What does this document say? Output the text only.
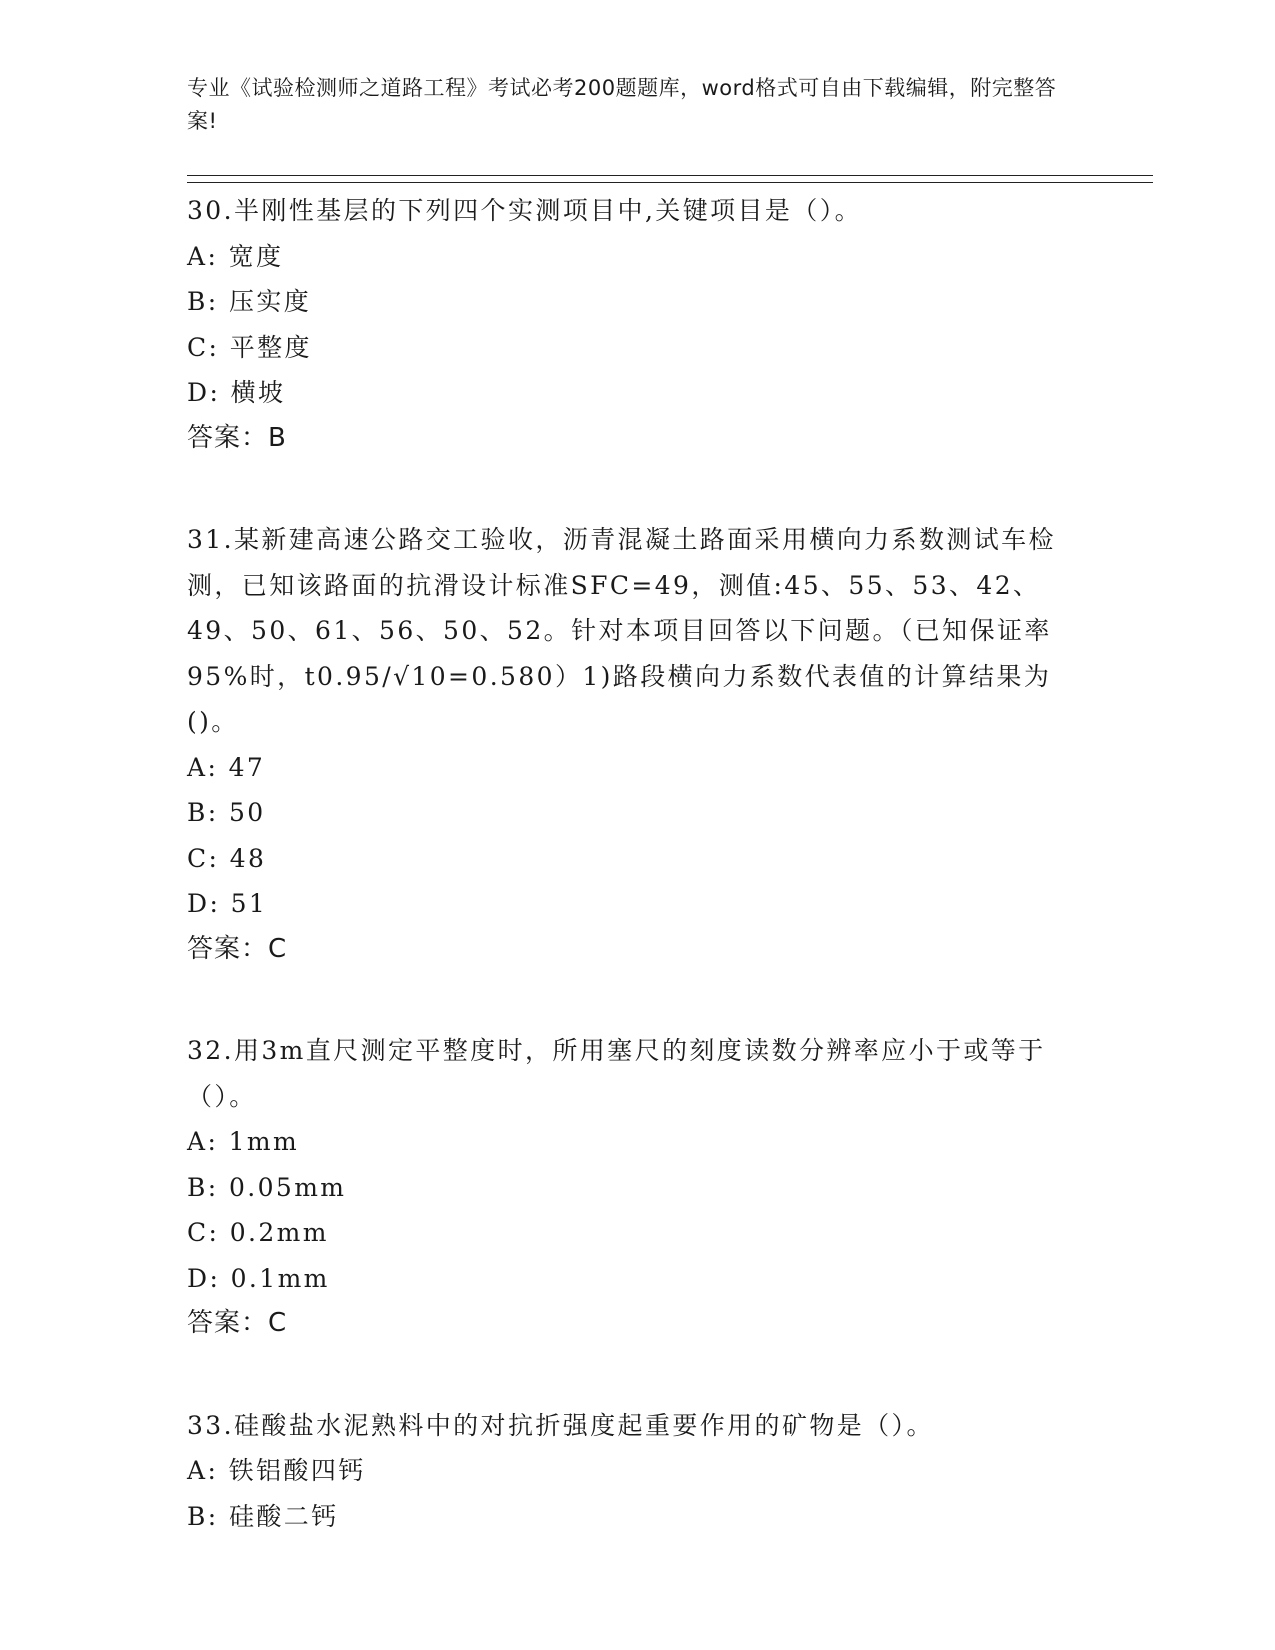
专业《试验检测师之道路工程》考试必考200题题库，word格式可自由下载编辑，附完整答案!
30.半刚性基层的下列四个实测项目中,关键项目是（）。
A: 宽度
B: 压实度
C: 平整度
D: 横坡
答案：B
31.某新建高速公路交工验收，沥青混凝土路面采用横向力系数测试车检测，已知该路面的抗滑设计标准SFC=49，测值:45、55、53、42、49、50、61、56、50、52。针对本项目回答以下问题。（已知保证率95%时，t0.95/√10=0.580）1)路段横向力系数代表值的计算结果为()。
A: 47
B: 50
C: 48
D: 51
答案：C
32.用3m直尺测定平整度时，所用塞尺的刻度读数分辨率应小于或等于（）。
A: 1mm
B: 0.05mm
C: 0.2mm
D: 0.1mm
答案：C
33.硅酸盐水泥熟料中的对抗折强度起重要作用的矿物是（）。
A: 铁铝酸四钙
B: 硅酸二钙
